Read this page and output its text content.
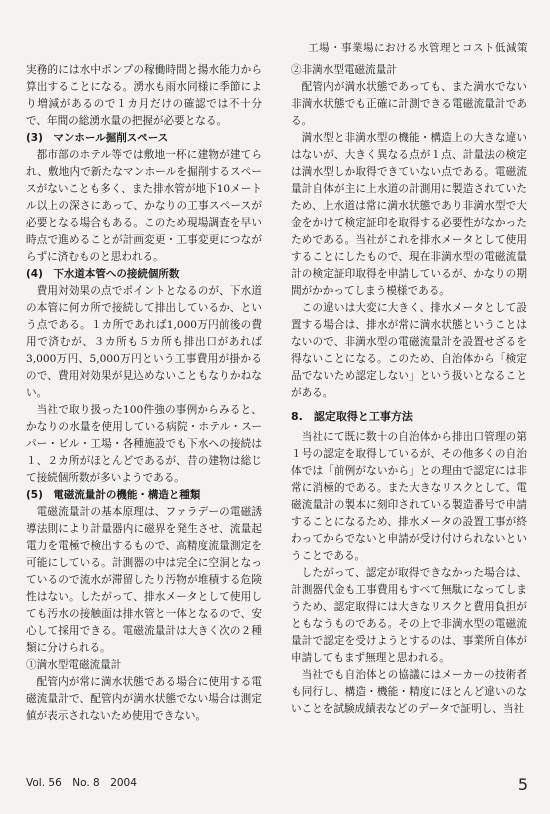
工場・事業場における水管理とコスト低減策

実務的には水中ポンプの稼働時間と揚水能力から算出することになる。湧水も雨水同様に季節により増減があるので１カ月だけの確認では不十分で、年間の総湧水量の把握が必要となる。

(3)　マンホール掘削スペース

都市部のホテル等では敷地一杯に建物が建てられ、敷地内で新たなマンホールを掘削するスペースがないことも多く、また排水管が地下10メートル以上の深さにあって、かなりの工事スペースが必要となる場合もある。このため現場調査を早い時点で進めることが計画変更・工事変更につながらずに済むものと思われる。

(4)　下水道本管への接続個所数

費用対効果の点でポイントとなるのが、下水道の本管に何カ所で接続して排出しているか、という点である。１カ所であれば1,000万円前後の費用で済むが、３カ所も５カ所も排出口があれば3,000万円、5,000万円という工事費用が掛かるので、費用対効果が見込めないこともなりかねない。

当社で取り扱った100件強の事例からみると、かなりの水量を使用している病院・ホテル・スーパー・ビル・工場・各種施設でも下水への接続は１、２カ所がほとんどであるが、昔の建物は総じて接続個所数が多いようである。

(5)　電磁流量計の機能・構造と種類

電磁流量計の基本原理は、ファラデーの電磁誘導法則により計量器内に磁界を発生させ、流量起電力を電極で検出するもので、高精度流量測定を可能にしている。計測器の中は完全に空洞となっているので流水が滞留したり汚物が堆積する危険性はない。したがって、排水メータとして使用しても汚水の接触面は排水管と一体となるので、安心して採用できる。電磁流量計は大きく次の２種類に分けられる。

①満水型電磁流量計

配管内が常に満水状態である場合に使用する電磁流量計で、配管内が満水状態でない場合は測定値が表示されないため使用できない。

②非満水型電磁流量計

配管内が満水状態であっても、また満水でない非満水状態でも正確に計測できる電磁流量計である。

満水型と非満水型の機能・構造上の大きな違いはないが、大きく異なる点が１点、計量法の検定は満水型しか取得できていない点である。電磁流量計自体が主に上水道の計測用に製造されていたため、上水道は常に満水状態であり非満水型で大金をかけて検定証印を取得する必要性がなかったためである。当社がこれを排水メータとして使用することにしたもので、現在非満水型の電磁流量計の検定証印取得を申請しているが、かなりの期間がかかってしまう模様である。

この違いは大変に大きく、排水メータとして設置する場合は、排水が常に満水状態ということはないので、非満水型の電磁流量計を設置せざるを得ないことになる。このため、自治体から「検定品でないため認定しない」という扱いとなることがある。

8.　認定取得と工事方法

当社にて既に数十の自治体から排出口管理の第１号の認定を取得しているが、その他多くの自治体では「前例がないから」との理由で認定には非常に消極的である。また大きなリスクとして、電磁流量計の製本に刻印されている製造番号で申請することになるため、排水メータの設置工事が終わってからでないと申請が受け付けられないということである。

したがって、認定が取得できなかった場合は、計測器代金も工事費用もすべて無駄になってしまうため、認定取得には大きなリスクと費用負担がともなうものである。その上で非満水型の電磁流量計で認定を受けようとするのは、事業所自体が申請してもまず無理と思われる。

当社でも自治体との協議にはメーカーの技術者も同行し、構造・機能・精度にほとんど違いのないことを試験成績表などのデータで証明し、当社

Vol. 56　No. 8　2004	5
